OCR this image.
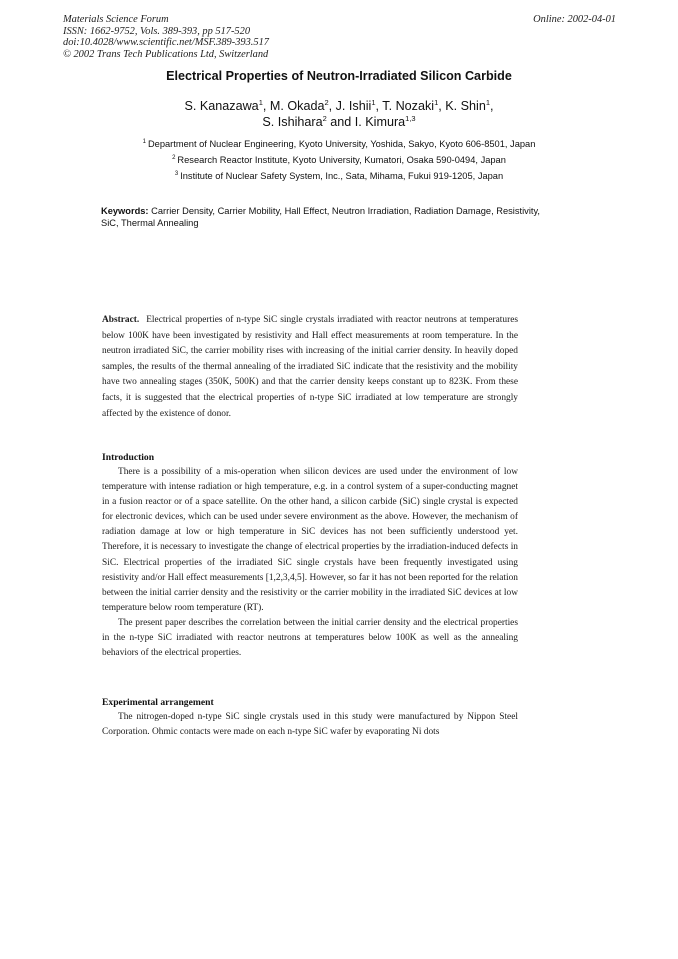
Materials Science Forum
ISSN: 1662-9752, Vols. 389-393, pp 517-520
doi:10.4028/www.scientific.net/MSF.389-393.517
© 2002 Trans Tech Publications Ltd, Switzerland
Online: 2002-04-01
Electrical Properties of Neutron-Irradiated Silicon Carbide
S. Kanazawa$^1$, M. Okada$^2$, J. Ishii$^1$, T. Nozaki$^1$, K. Shin$^1$,
S. Ishihara$^2$ and I. Kimura$^{1,3}$
$^1$ Department of Nuclear Engineering, Kyoto University, Yoshida, Sakyo, Kyoto 606-8501, Japan
$^2$ Research Reactor Institute, Kyoto University, Kumatori, Osaka 590-0494, Japan
$^3$ Institute of Nuclear Safety System, Inc., Sata, Mihama, Fukui 919-1205, Japan
Keywords: Carrier Density, Carrier Mobility, Hall Effect, Neutron Irradiation, Radiation Damage, Resistivity, SiC, Thermal Annealing

Abstract. Electrical properties of n-type SiC single crystals irradiated with reactor neutrons at temperatures below 100K have been investigated by resistivity and Hall effect measurements at room temperature. In the neutron irradiated SiC, the carrier mobility rises with increasing of the initial carrier density. In heavily doped samples, the results of the thermal annealing of the irradiated SiC indicate that the resistivity and the mobility have two annealing stages (350K, 500K) and that the carrier density keeps constant up to 823K. From these facts, it is suggested that the electrical properties of n-type SiC irradiated at low temperature are strongly affected by the existence of donor.

Introduction

There is a possibility of a mis-operation when silicon devices are used under the environment of low temperature with intense radiation or high temperature, e.g. in a control system of a super-conducting magnet in a fusion reactor or of a space satellite. On the other hand, a silicon carbide (SiC) single crystal is expected for electronic devices, which can be used under severe environment as the above. However, the mechanism of radiation damage at low or high temperature in SiC devices has not been sufficiently understood yet. Therefore, it is necessary to investigate the change of electrical properties by the irradiation-induced defects in SiC. Electrical properties of the irradiated SiC single crystals have been frequently investigated using resistivity and/or Hall effect measurements [1,2,3,4,5]. However, so far it has not been reported for the relation between the initial carrier density and the resistivity or the carrier mobility in the irradiated SiC devices at low temperature below room temperature (RT).

The present paper describes the correlation between the initial carrier density and the electrical properties in the n-type SiC irradiated with reactor neutrons at temperatures below 100K as well as the annealing behaviors of the electrical properties.

Experimental arrangement

The nitrogen-doped n-type SiC single crystals used in this study were manufactured by Nippon Steel Corporation. Ohmic contacts were made on each n-type SiC wafer by evaporating Ni dots
